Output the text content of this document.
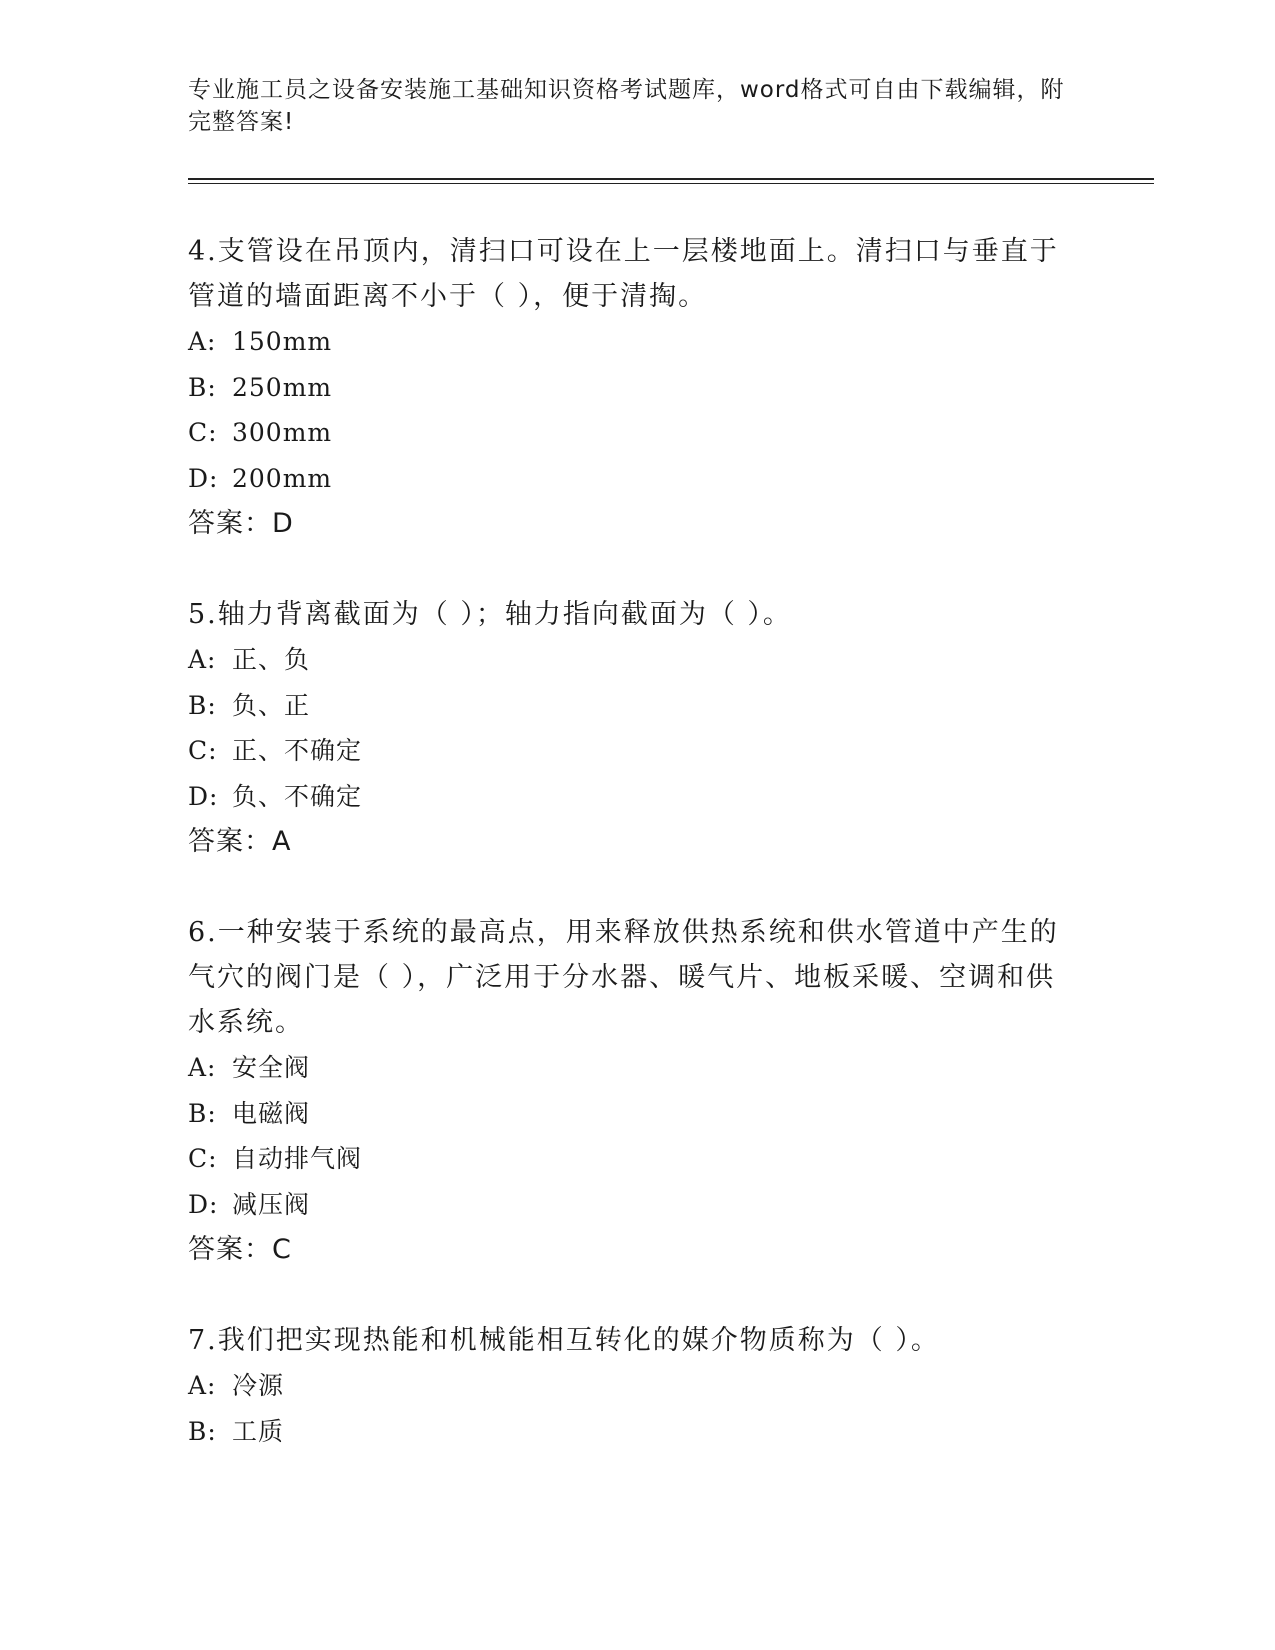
专业施工员之设备安装施工基础知识资格考试题库，word格式可自由下载编辑，附完整答案!

4.支管设在吊顶内，清扫口可设在上一层楼地面上。清扫口与垂直于管道的墙面距离不小于（ ），便于清掏。

A: 150mm
B: 250mm
C: 300mm
D: 200mm
答案：D

5.轴力背离截面为（ ）；轴力指向截面为（ ）。

A: 正、负
B: 负、正
C: 正、不确定
D: 负、不确定
答案：A

6.一种安装于系统的最高点，用来释放供热系统和供水管道中产生的气穴的阀门是（ ），广泛用于分水器、暖气片、地板采暖、空调和供水系统。

A: 安全阀
B: 电磁阀
C: 自动排气阀
D: 减压阀
答案：C

7.我们把实现热能和机械能相互转化的媒介物质称为（ ）。

A: 冷源
B: 工质
